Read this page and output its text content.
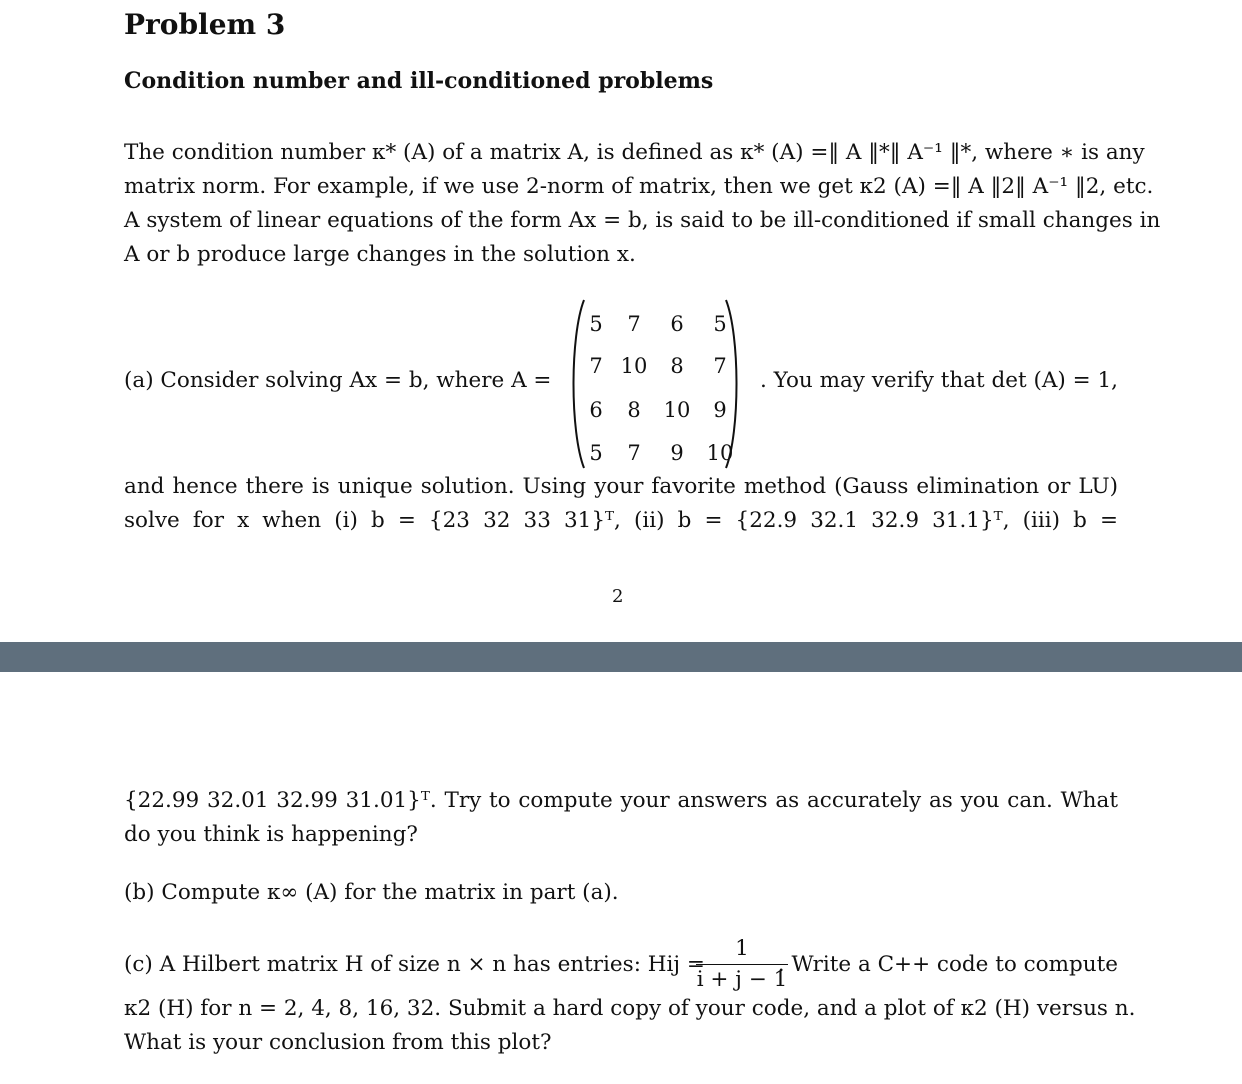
Problem 3
Condition number and ill-conditioned problems
The condition number κ* (A) of a matrix A, is defined as κ* (A) =‖ A ‖*‖ A⁻¹ ‖*, where ∗ is any
matrix norm. For example, if we use 2-norm of matrix, then we get κ2 (A) =‖ A ‖2‖ A⁻¹ ‖2, etc.
A system of linear equations of the form Ax = b, is said to be ill-conditioned if small changes in
A or b produce large changes in the solution x.
(a) Consider solving Ax = b, where A =
5	7	6	5
7 10	8	7
6	8	10	9
5	7	9	10
. You may verify that det (A) = 1,
and hence there is unique solution. Using your favorite method (Gauss elimination or LU)
solve for x when (i) b = {23 32 33 31}ᵀ, (ii) b = {22.9 32.1 32.9 31.1}ᵀ, (iii) b =
2
{22.99 32.01 32.99 31.01}ᵀ. Try to compute your answers as accurately as you can. What
do you think is happening?
(b) Compute κ∞ (A) for the matrix in part (a).
(c) A Hilbert matrix H of size n × n has entries: Hij =
1
i + j − 1
. Write a C++ code to compute
κ2 (H) for n = 2, 4, 8, 16, 32. Submit a hard copy of your code, and a plot of κ2 (H) versus n.
What is your conclusion from this plot?
